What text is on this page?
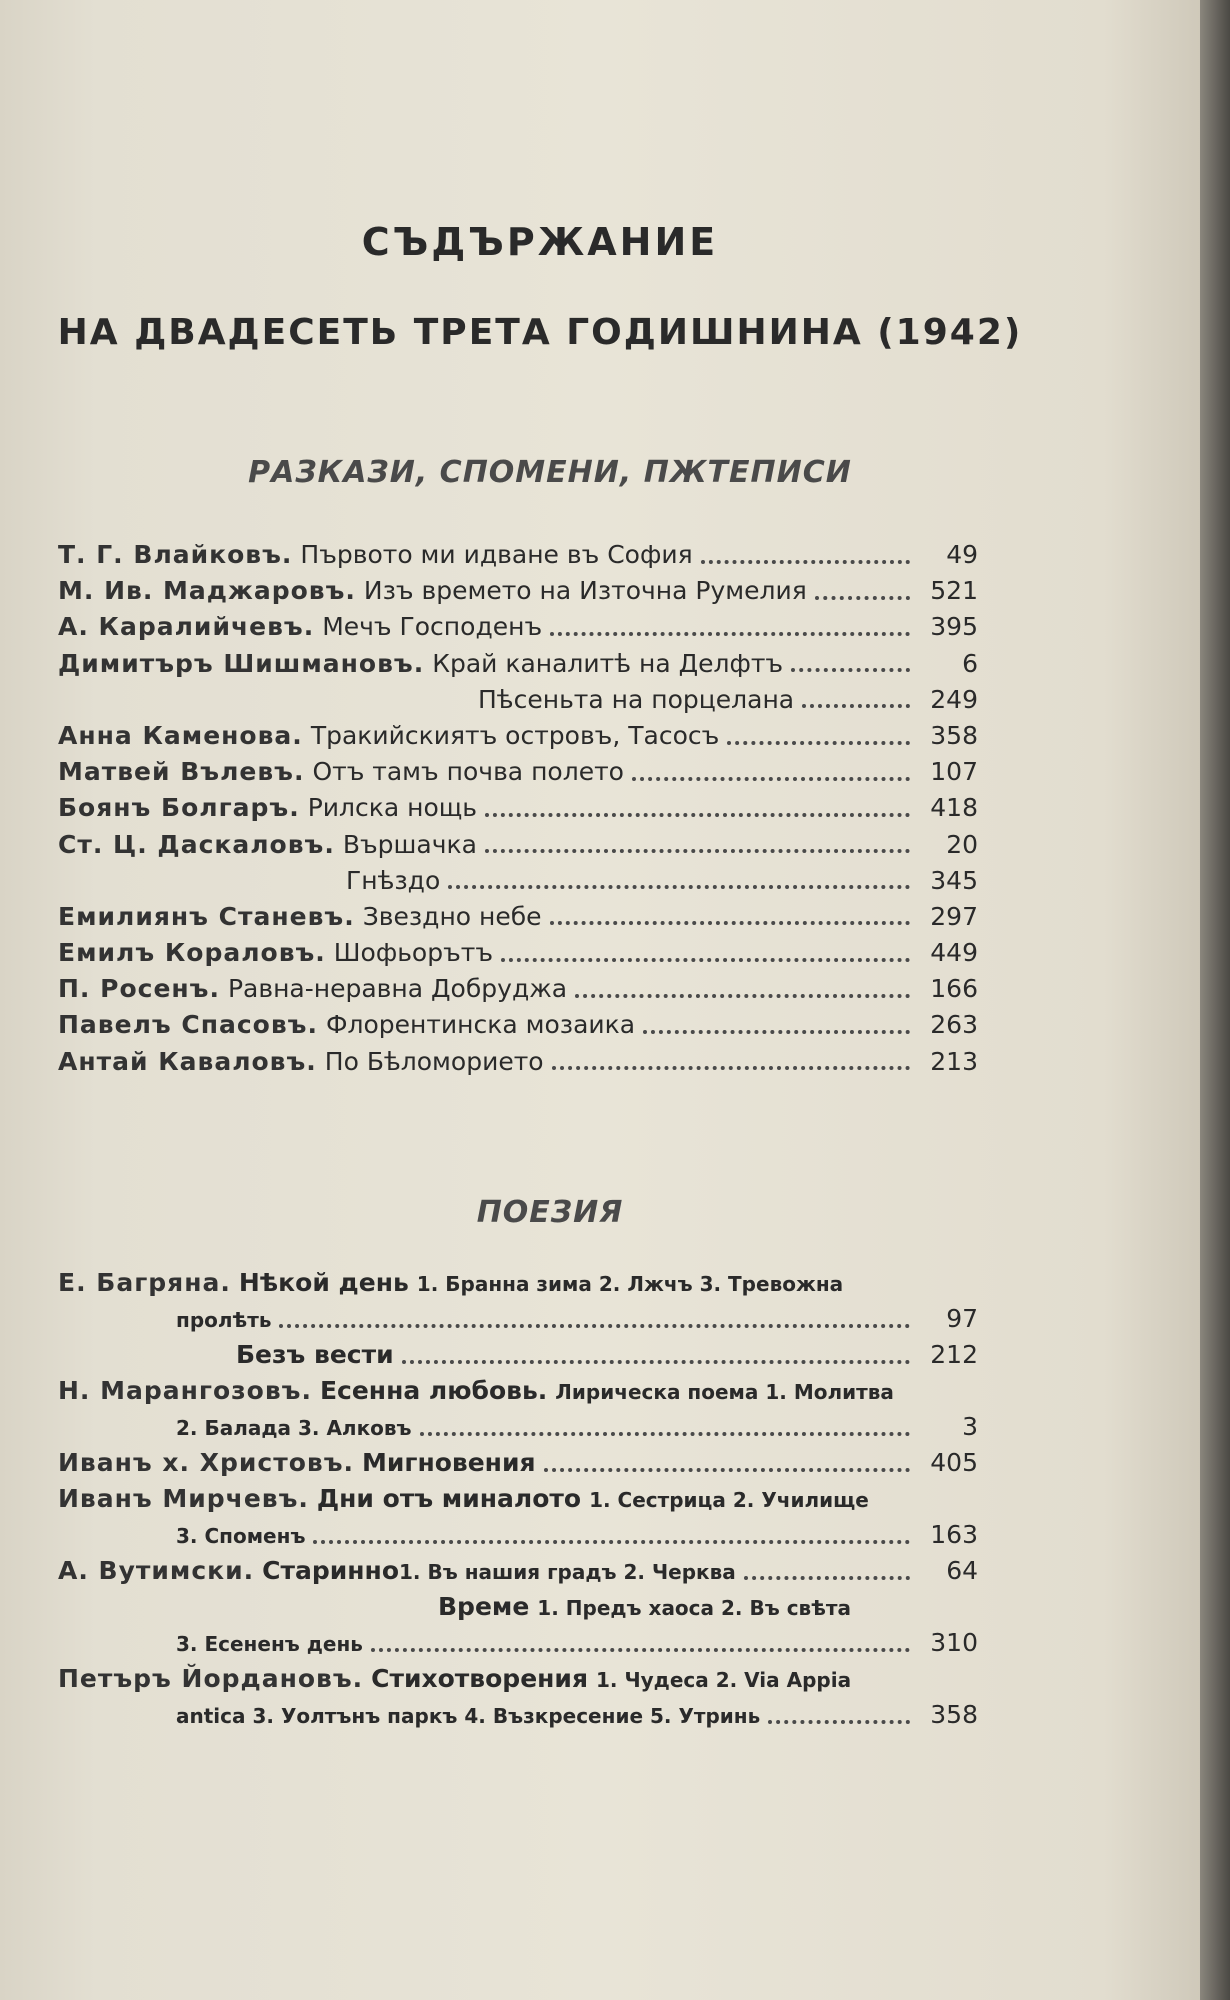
СЪДЪРЖАНИЕ
НА ДВАДЕСЕТЬ ТРЕТА ГОДИШНИНА (1942)
РАЗКАЗИ, СПОМЕНИ, ПЖТЕПИСИ
Т. Г. Влайковъ. Първото ми идване въ София	49
М. Ив. Маджаровъ. Изъ времето на Източна Румелия	521
А. Каралийчевъ. Мечъ Господенъ	395
Димитъръ Шишмановъ. Край каналитѣ на Делфтъ	6
Пѣсеньта на порцелана	249
Анна Каменова. Тракийскиятъ островъ, Тасосъ	358
Матвей Вълевъ. Отъ тамъ почва полето	107
Боянъ Болгаръ. Рилска нощь	418
Ст. Ц. Даскаловъ. Вършачка	20
Гнѣздо	345
Емилиянъ Станевъ. Звездно небе	297
Емилъ Кораловъ. Шофьорътъ	449
П. Росенъ. Равна-неравна Добруджа	166
Павелъ Спасовъ. Флорентинска мозаика	263
Антай Каваловъ. По Бѣломорието	213
ПОЕЗИЯ
Е. Багряна. Нѣкой день 1. Бранна зима 2. Лжчъ 3. Тревожна
пролѣть	97
Безъ вести	212
Н. Марангозовъ. Есенна любовь. Лирическа поема 1. Молитва
2. Балада 3. Алковъ	3
Иванъ х. Христовъ. Мигновения	405
Иванъ Мирчевъ. Дни отъ миналото 1. Сестрица 2. Училище
3. Споменъ	163
А. Вутимски. Старинно 1. Въ нашия градъ 2. Черква	64
Време 1. Предъ хаоса 2. Въ свѣта
3. Есененъ день	310
Петъръ Йордановъ. Стихотворения 1. Чудеса 2. Via Appia
antica 3. Уолтънъ паркъ 4. Възкресение 5. Утринь	358
